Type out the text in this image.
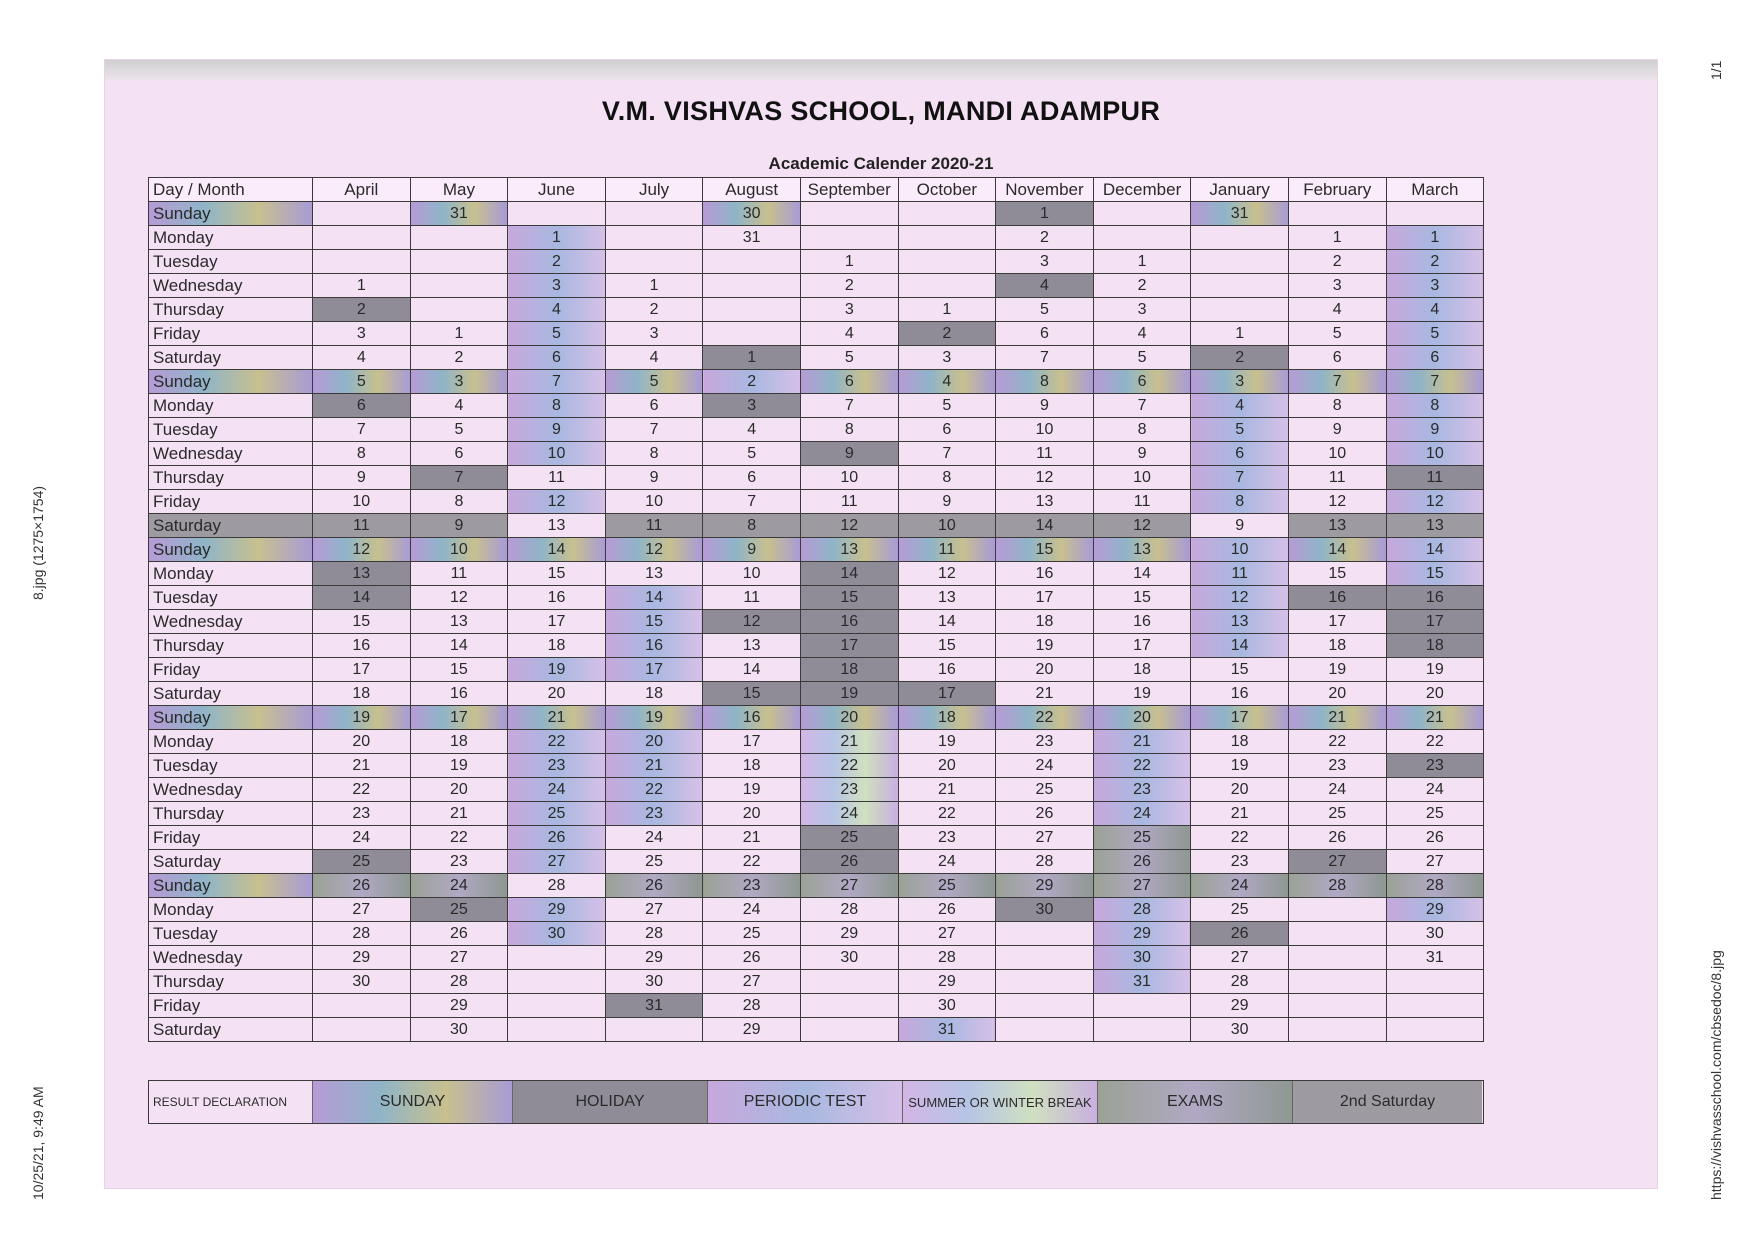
10/25/21, 9:49 AM
8.jpg (1275×1754)
https://vishvasschool.com/cbsedoc/8.jpg
1/1
V.M. VISHVAS SCHOOL, MANDI ADAMPUR
Academic Calender 2020-21
Day / Month	April	May	June	July	August	September	October	November	December	January	February	March
Sunday		31			30			1		31		
Monday			1		31			2			1	1
Tuesday			2			1		3	1		2	2
Wednesday	1		3	1		2		4	2		3	3
Thursday	2		4	2		3	1	5	3		4	4
Friday	3	1	5	3		4	2	6	4	1	5	5
Saturday	4	2	6	4	1	5	3	7	5	2	6	6
Sunday	5	3	7	5	2	6	4	8	6	3	7	7
Monday	6	4	8	6	3	7	5	9	7	4	8	8
Tuesday	7	5	9	7	4	8	6	10	8	5	9	9
Wednesday	8	6	10	8	5	9	7	11	9	6	10	10
Thursday	9	7	11	9	6	10	8	12	10	7	11	11
Friday	10	8	12	10	7	11	9	13	11	8	12	12
Saturday	11	9	13	11	8	12	10	14	12	9	13	13
Sunday	12	10	14	12	9	13	11	15	13	10	14	14
Monday	13	11	15	13	10	14	12	16	14	11	15	15
Tuesday	14	12	16	14	11	15	13	17	15	12	16	16
Wednesday	15	13	17	15	12	16	14	18	16	13	17	17
Thursday	16	14	18	16	13	17	15	19	17	14	18	18
Friday	17	15	19	17	14	18	16	20	18	15	19	19
Saturday	18	16	20	18	15	19	17	21	19	16	20	20
Sunday	19	17	21	19	16	20	18	22	20	17	21	21
Monday	20	18	22	20	17	21	19	23	21	18	22	22
Tuesday	21	19	23	21	18	22	20	24	22	19	23	23
Wednesday	22	20	24	22	19	23	21	25	23	20	24	24
Thursday	23	21	25	23	20	24	22	26	24	21	25	25
Friday	24	22	26	24	21	25	23	27	25	22	26	26
Saturday	25	23	27	25	22	26	24	28	26	23	27	27
Sunday	26	24	28	26	23	27	25	29	27	24	28	28
Monday	27	25	29	27	24	28	26	30	28	25		29
Tuesday	28	26	30	28	25	29	27		29	26		30
Wednesday	29	27		29	26	30	28		30	27		31
Thursday	30	28		30	27		29		31	28		
Friday		29		31	28		30			29		
Saturday		30			29		31			30		
RESULT DECLARATION	SUNDAY	HOLIDAY	PERIODIC TEST	SUMMER OR WINTER BREAK	EXAMS	2nd Saturday
